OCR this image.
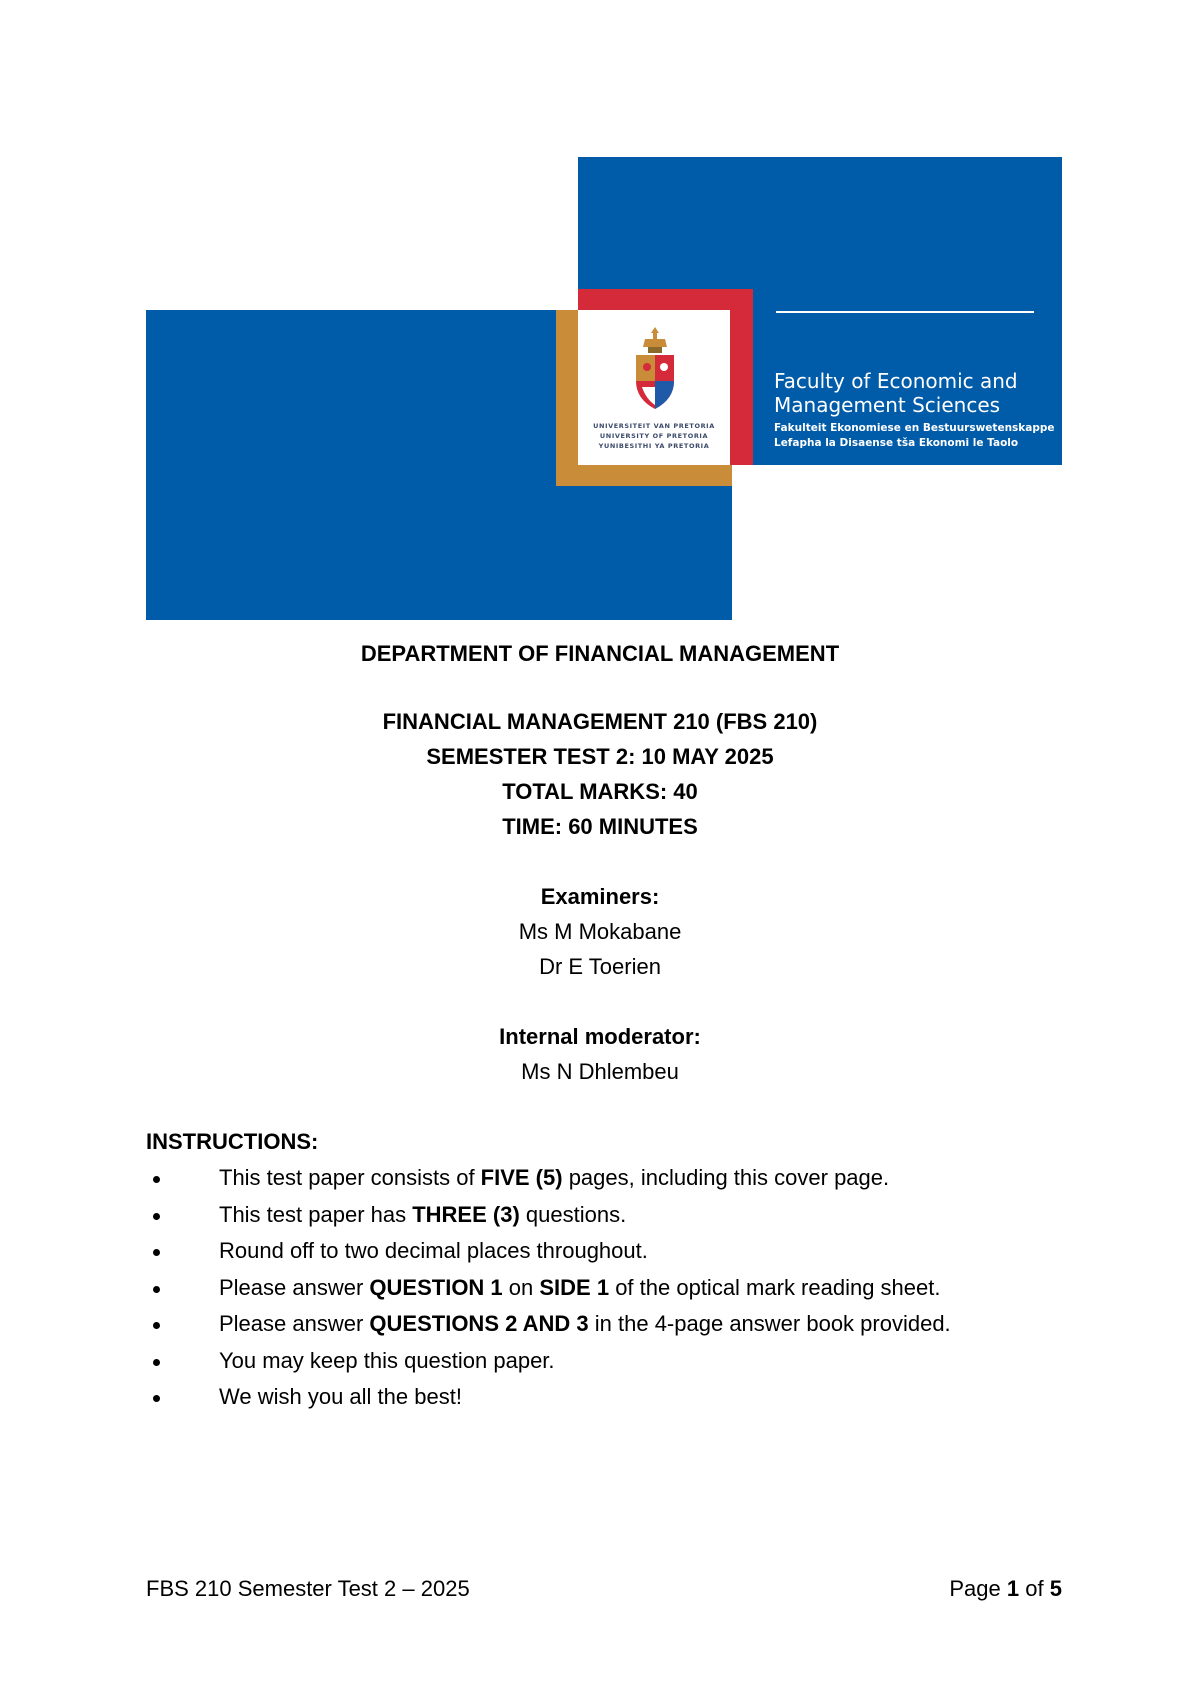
UNIVERSITEIT VAN PRETORIA
UNIVERSITY OF PRETORIA
YUNIBESITHI YA PRETORIA
Faculty of Economic and
Management Sciences
Fakulteit Ekonomiese en Bestuurswetenskappe
Lefapha la Disaense tša Ekonomi le Taolo
DEPARTMENT OF FINANCIAL MANAGEMENT
FINANCIAL MANAGEMENT 210 (FBS 210)
SEMESTER TEST 2: 10 MAY 2025
TOTAL MARKS: 40
TIME: 60 MINUTES
Examiners:
Ms M Mokabane
Dr E Toerien
Internal moderator:
Ms N Dhlembeu
INSTRUCTIONS:
This test paper consists of FIVE (5) pages, including this cover page.
This test paper has THREE (3) questions.
Round off to two decimal places throughout.
Please answer QUESTION 1 on SIDE 1 of the optical mark reading sheet.
Please answer QUESTIONS 2 AND 3 in the 4-page answer book provided.
You may keep this question paper.
We wish you all the best!
FBS 210 Semester Test 2 – 2025	Page 1 of 5
